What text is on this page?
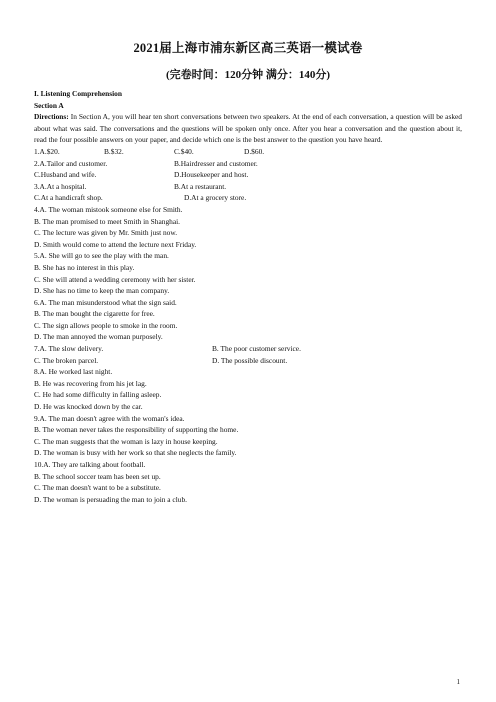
2021届上海市浦东新区高三英语一模试卷
(完卷时间：120分钟 满分：140分)
I. Listening Comprehension
Section A
Directions: In Section A, you will hear ten short conversations between two speakers. At the end of each conversation, a question will be asked about what was said. The conversations and the questions will be spoken only once. After you hear a conversation and the question about it, read the four possible answers on your paper, and decide which one is the best answer to the question you have heard.
1.A.$20.	B.$32.	C.$40.	D.$60.
2.A.Tailor and customer.	B.Hairdresser and customer.
C.Husband and wife.	D.Housekeeper and host.
3.A.At a hospital.	B.At a restaurant.
C.At a handicraft shop.	D.At a grocery store.
4.A. The woman mistook someone else for Smith.
B. The man promised to meet Smith in Shanghai.
C. The lecture was given by Mr. Smith just now.
D. Smith would come to attend the lecture next Friday.
5.A. She will go to see the play with the man.
B. She has no interest in this play.
C. She will attend a wedding ceremony with her sister.
D. She has no time to keep the man company.
6.A. The man misunderstood what the sign said.
B. The man bought the cigarette for free.
C. The sign allows people to smoke in the room.
D. The man annoyed the woman purposely.
7.A. The slow delivery.	B. The poor customer service.
C. The broken parcel.	D. The possible discount.
8.A. He worked last night.
B. He was recovering from his jet lag.
C. He had some difficulty in falling asleep.
D. He was knocked down by the car.
9.A. The man doesn't agree with the woman's idea.
B. The woman never takes the responsibility of supporting the home.
C. The man suggests that the woman is lazy in house keeping.
D. The woman is busy with her work so that she neglects the family.
10.A. They are talking about football.
B. The school soccer team has been set up.
C. The man doesn't want to be a substitute.
D. The woman is persuading the man to join a club.
1
